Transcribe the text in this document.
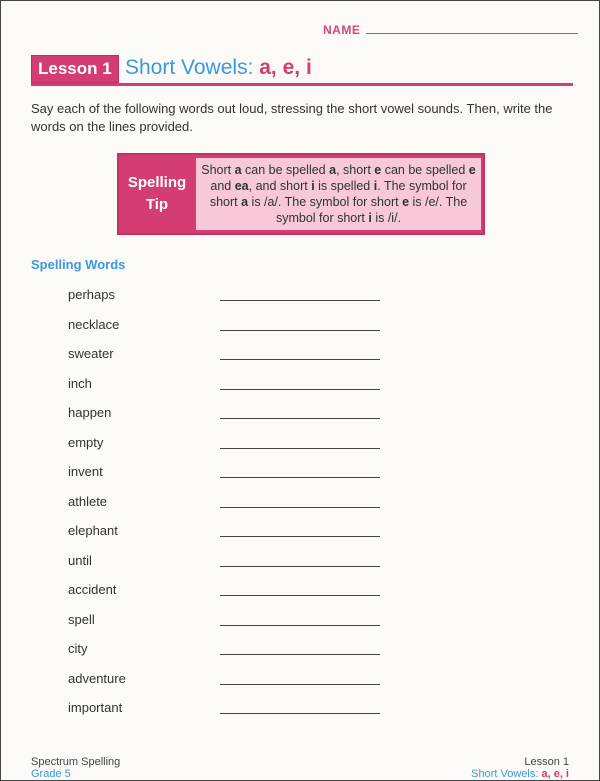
NAME
Lesson 1 Short Vowels: a, e, i
Say each of the following words out loud, stressing the short vowel sounds. Then, write the words on the lines provided.
Spelling
Tip
Short a can be spelled a, short e can be spelled e and ea, and short i is spelled i. The symbol for short a is /a/. The symbol for short e is /e/. The symbol for short i is /i/.
Spelling Words
perhaps
necklace
sweater
inch
happen
empty
invent
athlete
elephant
until
accident
spell
city
adventure
important
Spectrum Spelling
Grade 5
Lesson 1
Short Vowels: a, e, i
